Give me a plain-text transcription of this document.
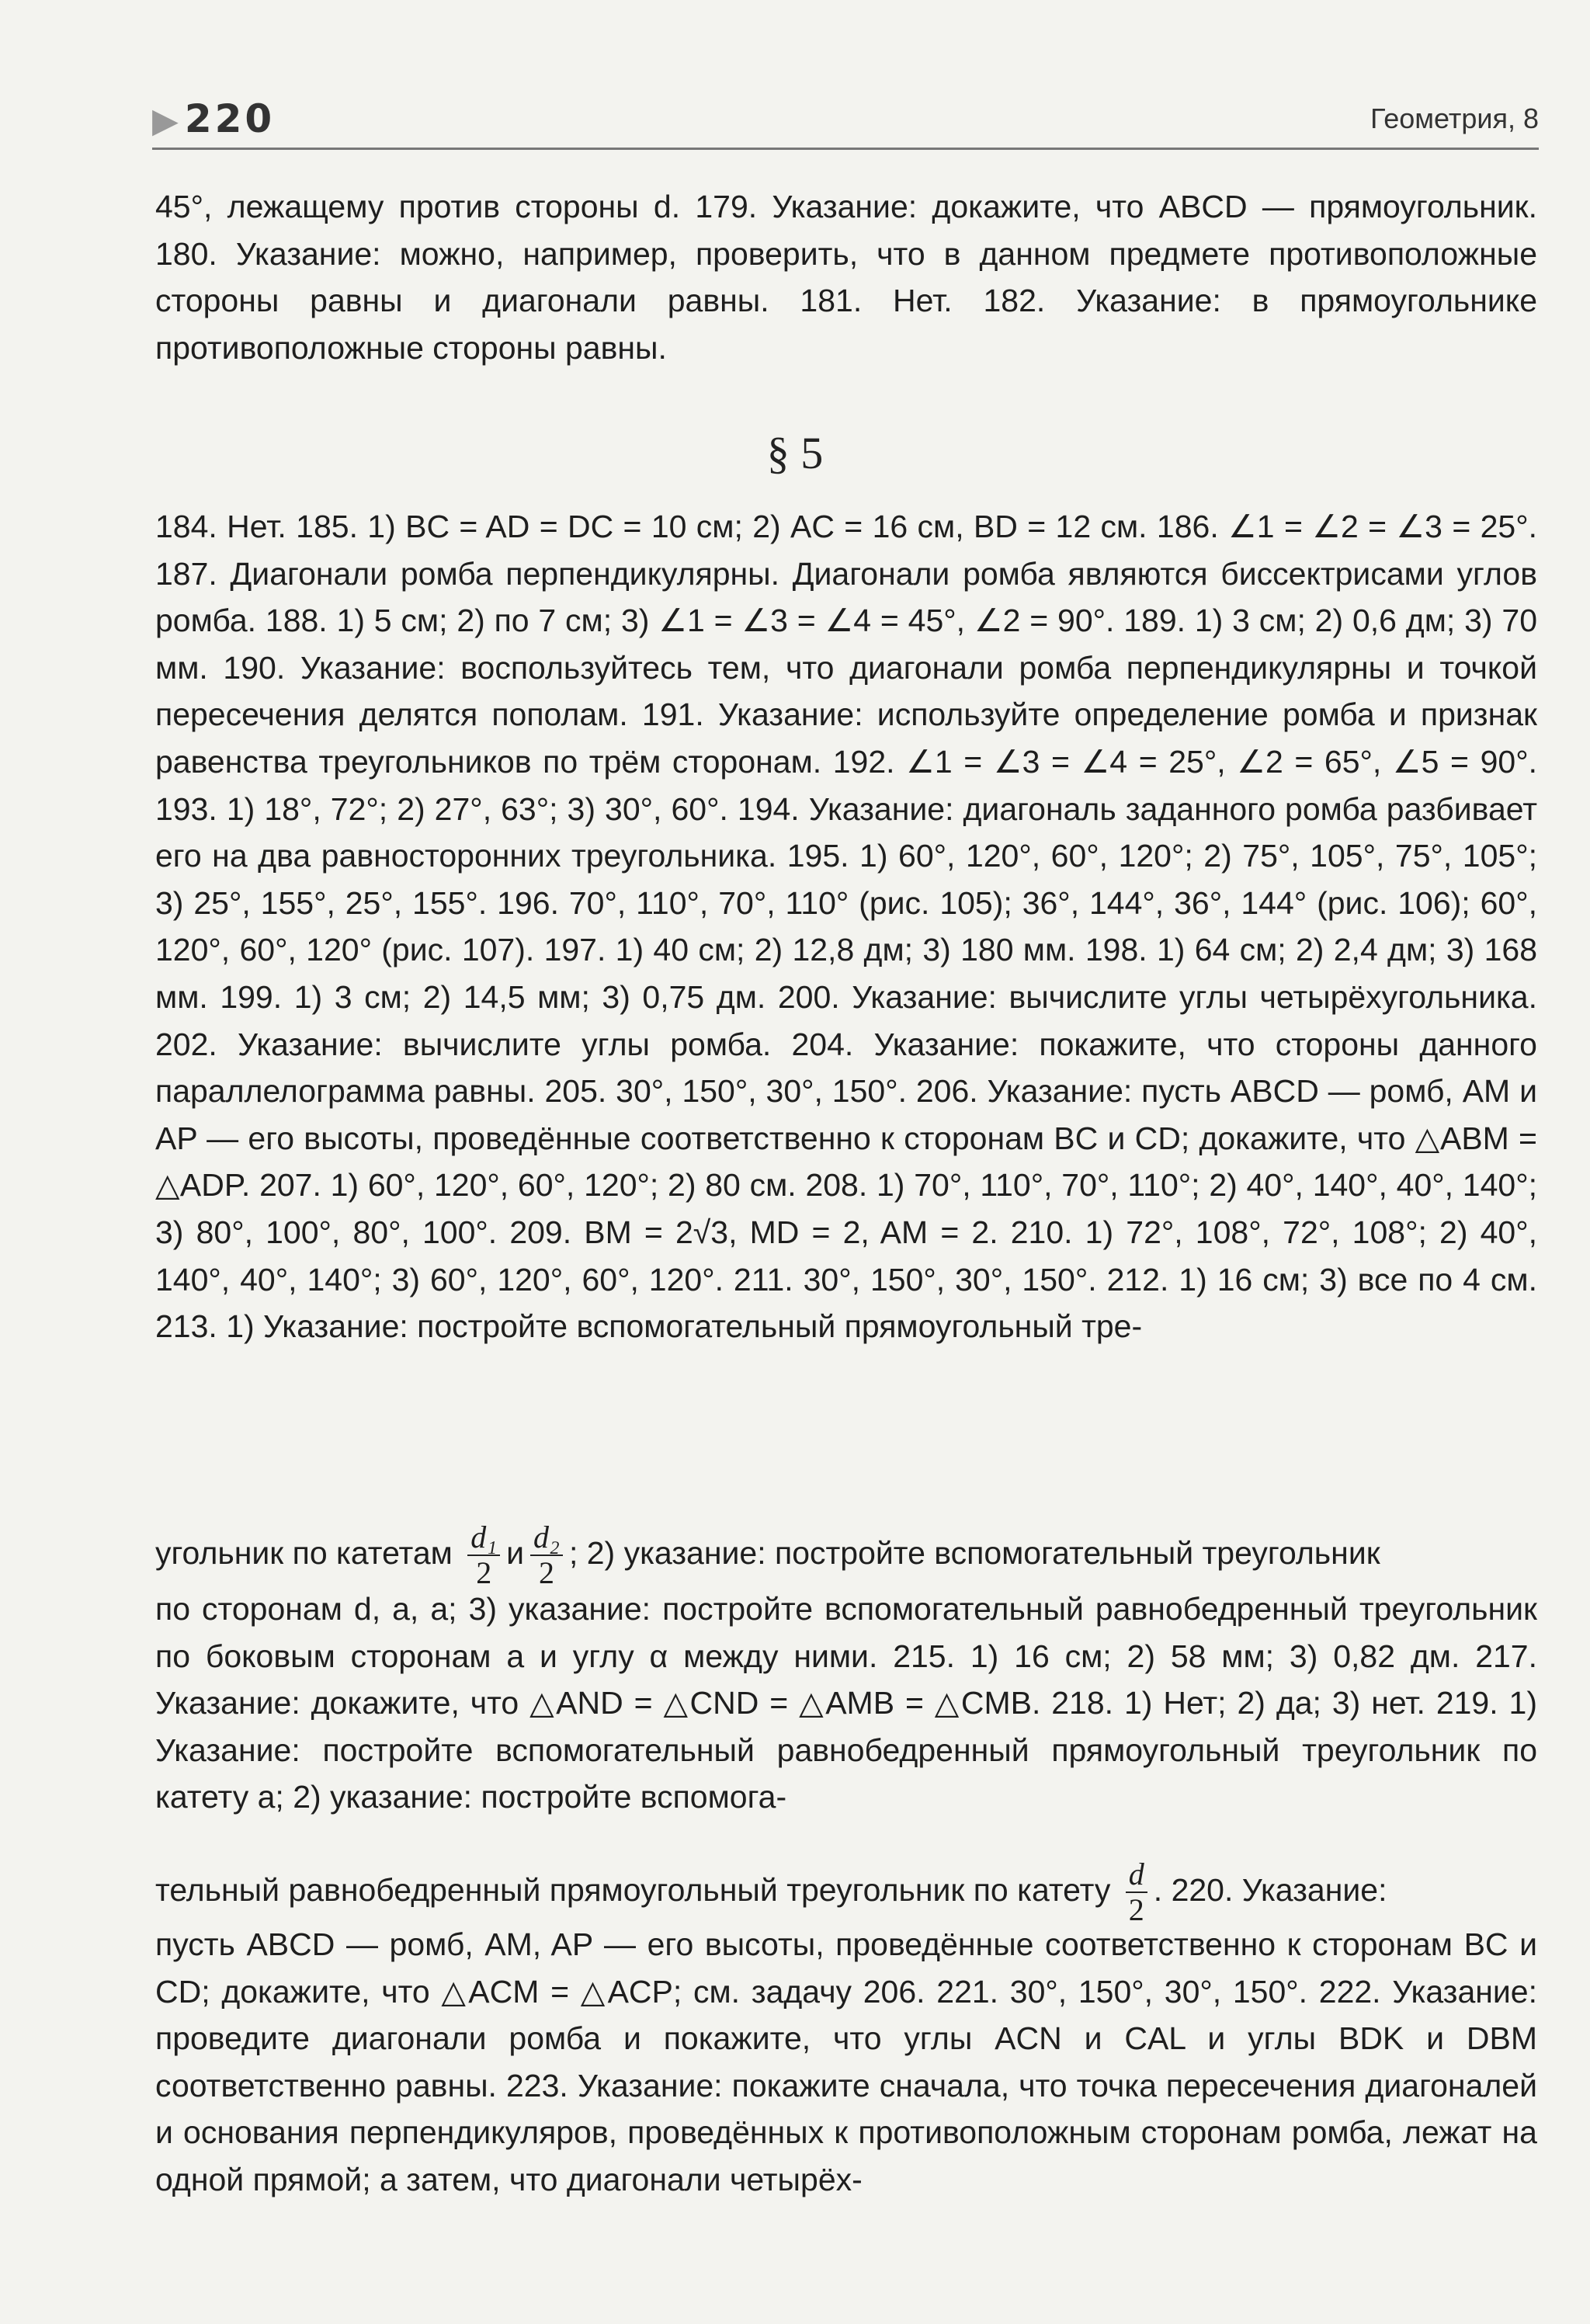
▶220	Геометрия, 8
45°, лежащему против стороны d. 179. Указание: докажите, что ABCD — прямоугольник. 180. Указание: можно, например, проверить, что в данном предмете противоположные стороны равны и диагонали равны. 181. Нет. 182. Указание: в прямоугольнике противоположные стороны равны.
§ 5
184. Нет. 185. 1) BC = AD = DC = 10 см; 2) AC = 16 см, BD = 12 см. 186. ∠1 = ∠2 = ∠3 = 25°. 187. Диагонали ромба перпендикулярны. Диагонали ромба являются биссектрисами углов ромба. 188. 1) 5 см; 2) по 7 см; 3) ∠1 = ∠3 = ∠4 = 45°, ∠2 = 90°. 189. 1) 3 см; 2) 0,6 дм; 3) 70 мм. 190. Указание: воспользуйтесь тем, что диагонали ромба перпендикулярны и точкой пересечения делятся пополам. 191. Указание: используйте определение ромба и признак равенства треугольников по трём сторонам. 192. ∠1 = ∠3 = ∠4 = 25°, ∠2 = 65°, ∠5 = 90°. 193. 1) 18°, 72°; 2) 27°, 63°; 3) 30°, 60°. 194. Указание: диагональ заданного ромба разбивает его на два равносторонних треугольника. 195. 1) 60°, 120°, 60°, 120°; 2) 75°, 105°, 75°, 105°; 3) 25°, 155°, 25°, 155°. 196. 70°, 110°, 70°, 110° (рис. 105); 36°, 144°, 36°, 144° (рис. 106); 60°, 120°, 60°, 120° (рис. 107). 197. 1) 40 см; 2) 12,8 дм; 3) 180 мм. 198. 1) 64 см; 2) 2,4 дм; 3) 168 мм. 199. 1) 3 см; 2) 14,5 мм; 3) 0,75 дм. 200. Указание: вычислите углы четырёхугольника. 202. Указание: вычислите углы ромба. 204. Указание: покажите, что стороны данного параллелограмма равны. 205. 30°, 150°, 30°, 150°. 206. Указание: пусть ABCD — ромб, AM и AP — его высоты, проведённые соответственно к сторонам BC и CD; докажите, что △ABM = △ADP. 207. 1) 60°, 120°, 60°, 120°; 2) 80 см. 208. 1) 70°, 110°, 70°, 110°; 2) 40°, 140°, 40°, 140°; 3) 80°, 100°, 80°, 100°. 209. BM = 2√3, MD = 2, AM = 2. 210. 1) 72°, 108°, 72°, 108°; 2) 40°, 140°, 40°, 140°; 3) 60°, 120°, 60°, 120°. 211. 30°, 150°, 30°, 150°. 212. 1) 16 см; 3) все по 4 см. 213. 1) Указание: постройте вспомогательный прямоугольный тре-
угольник по катетам $\frac{\text{d₁}}{2}$ и $\frac{\text{d₂}}{2}$ ; 2) указание: постройте вспомогательный треугольник
по сторонам d, a, a; 3) указание: постройте вспомогательный равнобедренный треугольник по боковым сторонам a и углу α между ними. 215. 1) 16 см; 2) 58 мм; 3) 0,82 дм. 217. Указание: докажите, что △AND = △CND = △AMB = △CMB. 218. 1) Нет; 2) да; 3) нет. 219. 1) Указание: постройте вспомогательный равнобедренный прямоугольный треугольник по катету a; 2) указание: постройте вспомога-
тельный равнобедренный прямоугольный треугольник по катету $\frac{d}{2}$ . 220. Указание:
пусть ABCD — ромб, AM, AP — его высоты, проведённые соответственно к сторонам BC и CD; докажите, что △ACM = △ACP; см. задачу 206. 221. 30°, 150°, 30°, 150°. 222. Указание: проведите диагонали ромба и покажите, что углы ACN и CAL и углы BDK и DBM соответственно равны. 223. Указание: покажите сначала, что точка пересечения диагоналей и основания перпендикуляров, проведённых к противоположным сторонам ромба, лежат на одной прямой; а затем, что диагонали четырёх-
